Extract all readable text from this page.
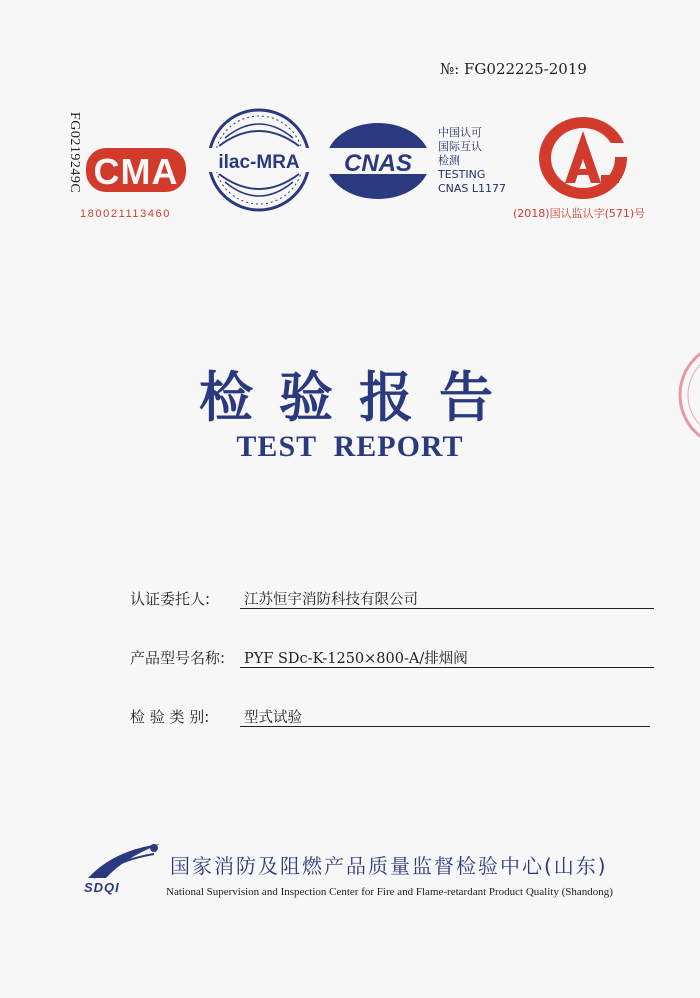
№: FG022225-2019
FG0219249C CMA
180021113460
ilac-MRA CNAS
中国认可
国际互认
检测
TESTING
CNAS L1177
(2018)国认监认字(571)号
检验报告
TEST  REPORT
认证委托人:	江苏恒宇消防科技有限公司
产品型号名称:	PYF SDc-K-1250×800-A/排烟阀
检 验 类 别:	型式试验
SDQI
国家消防及阻燃产品质量监督检验中心(山东)
National Supervision and Inspection Center for Fire and Flame-retardant Product Quality (Shandong)
